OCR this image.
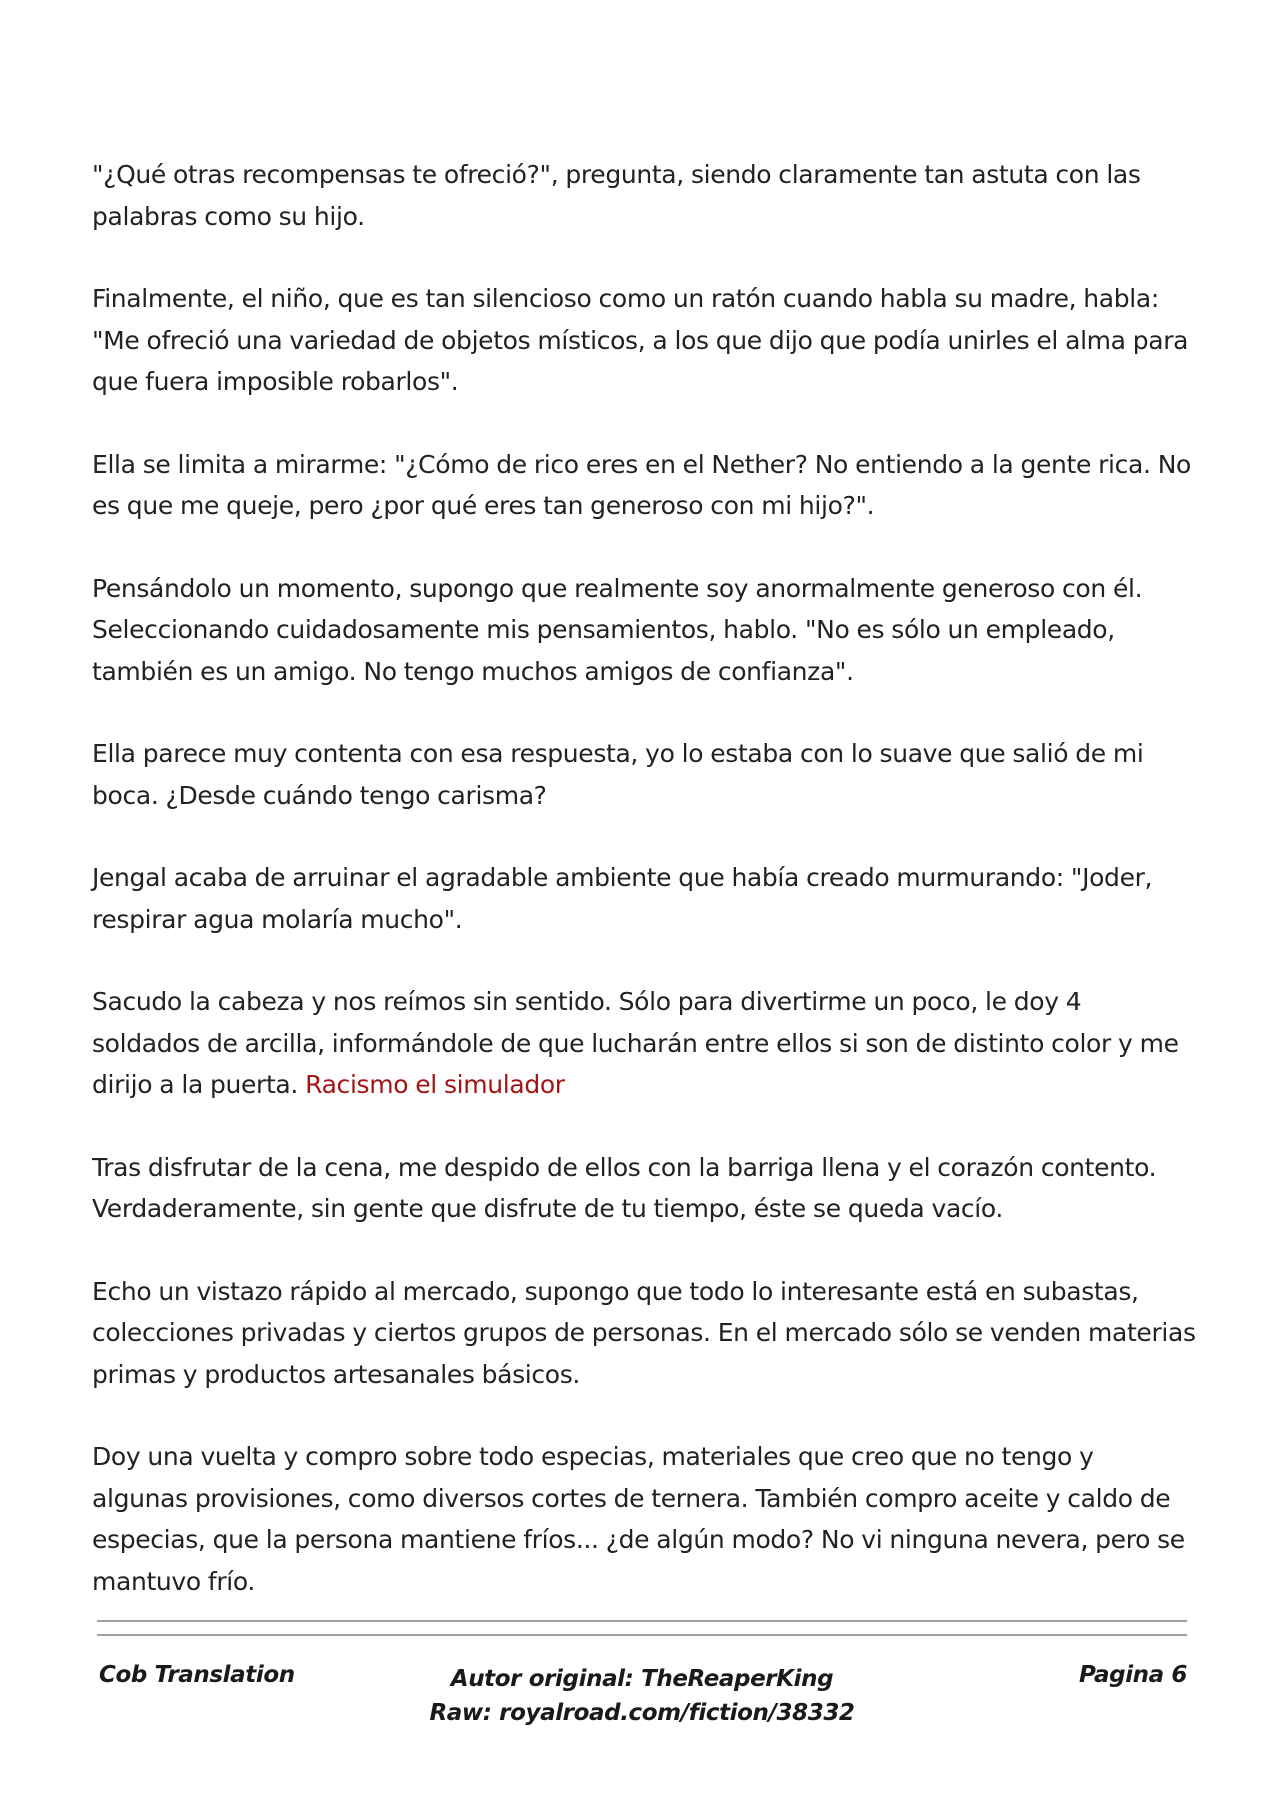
"¿Qué otras recompensas te ofreció?", pregunta, siendo claramente tan astuta con las palabras como su hijo.

Finalmente, el niño, que es tan silencioso como un ratón cuando habla su madre, habla: "Me ofreció una variedad de objetos místicos, a los que dijo que podía unirles el alma para que fuera imposible robarlos".

Ella se limita a mirarme: "¿Cómo de rico eres en el Nether? No entiendo a la gente rica. No es que me queje, pero ¿por qué eres tan generoso con mi hijo?".

Pensándolo un momento, supongo que realmente soy anormalmente generoso con él. Seleccionando cuidadosamente mis pensamientos, hablo. "No es sólo un empleado, también es un amigo. No tengo muchos amigos de confianza".

Ella parece muy contenta con esa respuesta, yo lo estaba con lo suave que salió de mi boca. ¿Desde cuándo tengo carisma?

Jengal acaba de arruinar el agradable ambiente que había creado murmurando: "Joder, respirar agua molaría mucho".

Sacudo la cabeza y nos reímos sin sentido. Sólo para divertirme un poco, le doy 4 soldados de arcilla, informándole de que lucharán entre ellos si son de distinto color y me dirijo a la puerta. Racismo el simulador

Tras disfrutar de la cena, me despido de ellos con la barriga llena y el corazón contento. Verdaderamente, sin gente que disfrute de tu tiempo, éste se queda vacío.

Echo un vistazo rápido al mercado, supongo que todo lo interesante está en subastas, colecciones privadas y ciertos grupos de personas. En el mercado sólo se venden materias primas y productos artesanales básicos.

Doy una vuelta y compro sobre todo especias, materiales que creo que no tengo y algunas provisiones, como diversos cortes de ternera. También compro aceite y caldo de especias, que la persona mantiene fríos... ¿de algún modo? No vi ninguna nevera, pero se mantuvo frío.

Cob Translation	Autor original: TheReaperKing
Raw: royalroad.com/fiction/38332
Pagina 6
